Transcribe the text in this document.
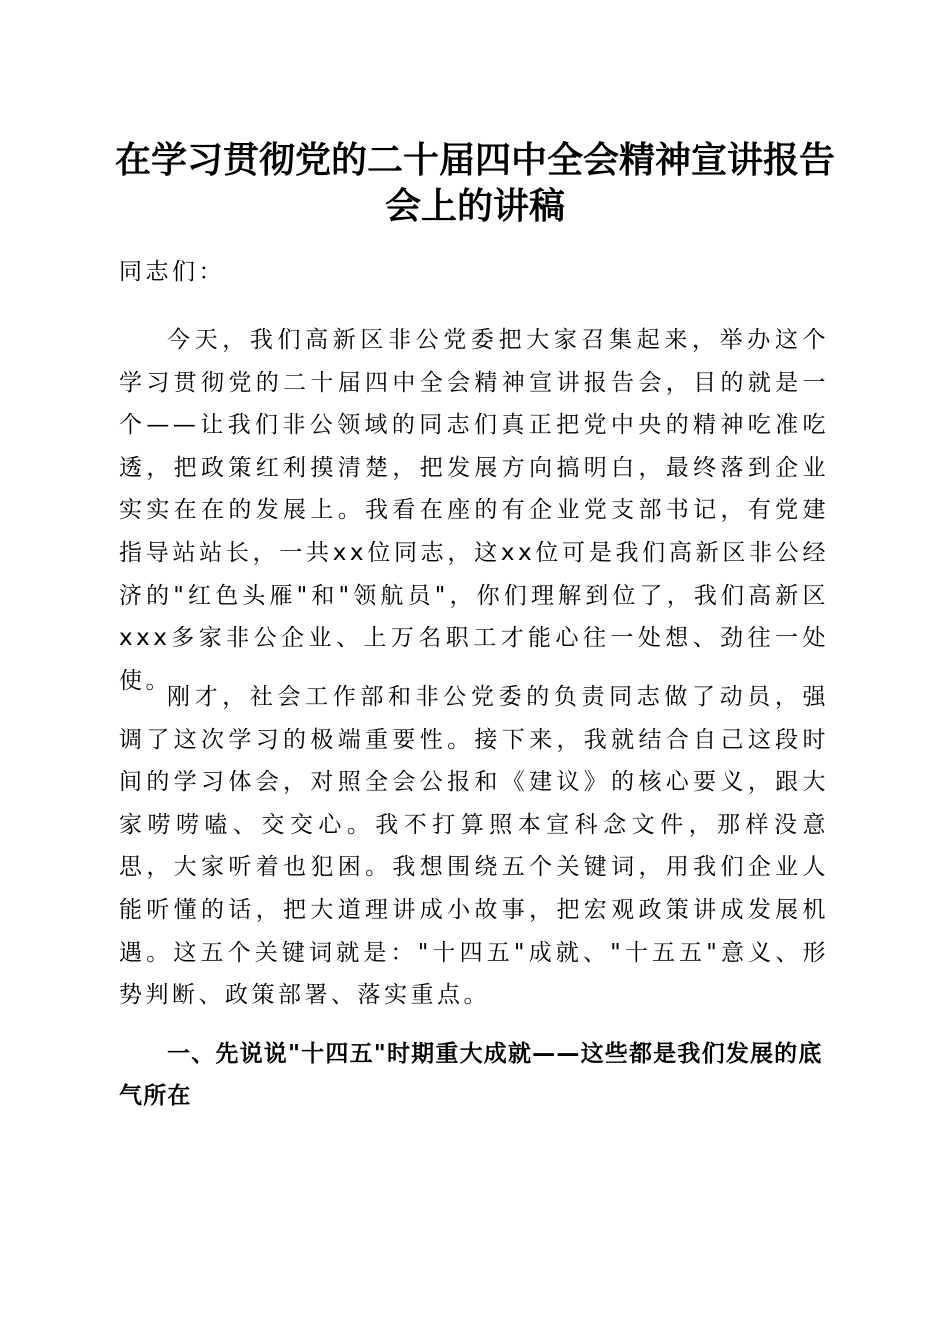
在学习贯彻党的二十届四中全会精神宣讲报告
会上的讲稿

同志们：

今天，我们高新区非公党委把大家召集起来，举办这个学习贯彻党的二十届四中全会精神宣讲报告会，目的就是一个——让我们非公领域的同志们真正把党中央的精神吃准吃透，把政策红利摸清楚，把发展方向搞明白，最终落到企业实实在在的发展上。我看在座的有企业党支部书记，有党建指导站站长，一共xx位同志，这xx位可是我们高新区非公经济的"红色头雁"和"领航员"，你们理解到位了，我们高新区xxx多家非公企业、上万名职工才能心往一处想、劲往一处使。

刚才，社会工作部和非公党委的负责同志做了动员，强调了这次学习的极端重要性。接下来，我就结合自己这段时间的学习体会，对照全会公报和《建议》的核心要义，跟大家唠唠嗑、交交心。我不打算照本宣科念文件，那样没意思，大家听着也犯困。我想围绕五个关键词，用我们企业人能听懂的话，把大道理讲成小故事，把宏观政策讲成发展机遇。这五个关键词就是："十四五"成就、"十五五"意义、形势判断、政策部署、落实重点。

一、先说说"十四五"时期重大成就——这些都是我们发展的底气所在
